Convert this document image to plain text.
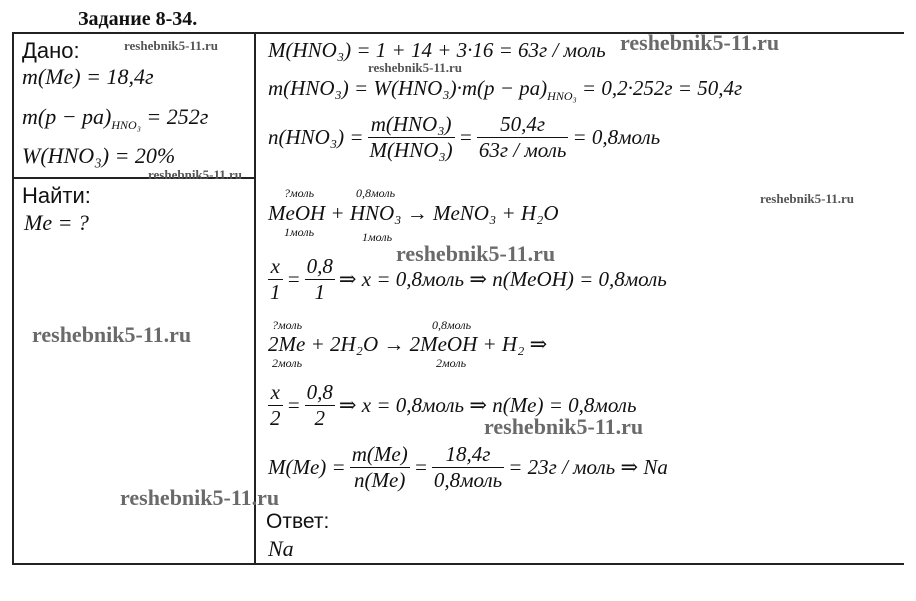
Задание 8-34.
Дано:
m(Me) = 18,4г
$m(p - pa)_{HNO_3} = 252г$
W(HNO₃) = 20%
Найти:
Me = ?
M(HNO₃) = 1 + 14 + 3·16 = 63г / моль
$m(HNO_3) = W(HNO_3)\cdot m(p - pa)_{HNO_3} = 0,2\cdot 252г = 50,4г$
$n(HNO_3) = \frac{\text{m(HNO₃)}}{\text{M(HNO₃)}} = \frac{50,4г}{\text{63г / моль}}$ = 0,8моль
?моль	0,8моль
MeOH + HNO₃ → MeNO₃ + H₂O
1моль	1моль
$\frac{x}{1} = \frac{0,8}{1}$ ⇒ x = 0,8моль ⇒ n(MeOH) = 0,8моль
?моль	0,8моль
2Me + 2H₂O → 2MeOH + H₂ ⇒
2моль	2моль
$\frac{x}{2} = \frac{0,8}{2}$ ⇒ x = 0,8моль ⇒ n(Me) = 0,8моль
$M(Me) = \frac{m(Me)}{n(Me)} = \frac{18,4г}{\text{0,8моль}} = 23г$ / моль ⇒ Na
Ответ:
Na
reshebnik5-11.ru
reshebnik5-11.ru
reshebnik5-11.ru
reshebnik5-11.ru
reshebnik5-11.ru
reshebnik5-11.ru
reshebnik5-11.ru
reshebnik5-11.ru
reshebnik5-11.ru
